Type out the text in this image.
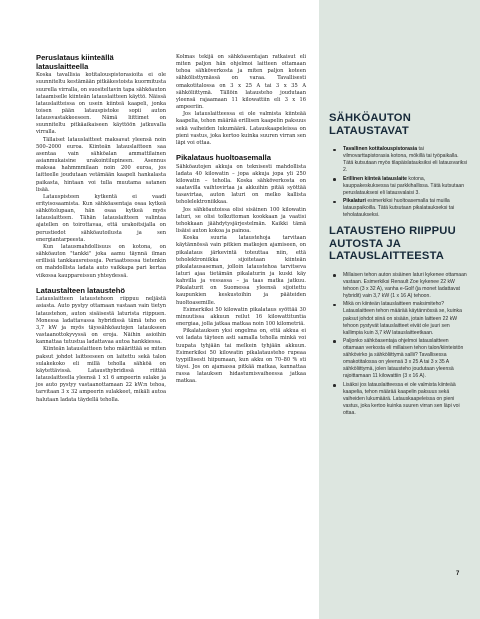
Peruslataus kiinteällä latauslaitteella

Koska tavallisia kotitalouspistorasioita ei ole suunniteltu kestämään pitkäkestoista kuormitusta suurella virralla, on suositeltavin tapa sähköauton lataamiselle kiinteän latauslaitteen käyttö. Näissä latauslaitteissa on usein kiinteä kaapeli, jonka toisen pään latauspistoke sopii auton latausvastakkeeseen. Nämä liittimet on suunniteltu pitkäaikaiseen käyttöön jatkuvalla virralla.

Tällaiset latauslaitteet maksavat yleensä noin 500–2000 euroa. Kiinteän latauslaitteen saa asentaa vain sähköalan ammattilainen asianmukaisine urakointilupineen. Asennus maksaa hahmmmilaan noin 200 euroa, jos laitteelle joudutaan vetämään kaapeli hankalasta paikasta, hintaan voi tulla muutama satanen lisää.

Latauspisteen kytkentä ei vaadi erityisosaamista. Kun sähköasentaja osaa kytkeä sähkötolupaan, hän osaa kytkeä myös latauslaitteen. Tähän latauslaitteen valintaa ajatellen on toirottavaa, että urakoitsijalla on perustiedot sähköautoilusta ja sen energiantarpeesta.

Kun latausmahdollisuus on kotona, on sähköauton "tankki" joka aamu täynnä ilman erillisiä tankkausreissuja. Periaatteessa tietenkin on mahdollista ladata auto vaikkapa pari kertaa viikossa kauppareissun yhteydessä.

Lataustalteen lataustehö

Latauslaitteen lataustehoon riippuu neljästä asiasta. Auto pystyy ottamaan vastaan vain tietyn lataustehon, auton sisäisestä laturista riippuen. Monessa ladattavassa hybridissä tämä teho on 3,7 kW ja myös täyssähköautojen lataukseen vastaanottokyvyssä on eroja. Näihin asioihin kannattaa tutustua ladattavaa autoa hankkiessa.

Kiinteän latauslaitteen teho määrittää se miten paksut johdot laitteeseen on laitettu sekä talon sulakekoko eli millä teholla sähköä on käytettävissä. Latausthybridissä riittää latauslaitteella yleensä 1 x1 6 ampeerin sulake ja jos auto pystyy vastaanottamaan 22 kW:n tehoa, tarvitaan 3 x 32 ampeerin sulakkeet, mikäli autoa halutaan ladata täydellä teholla.

Kolmas tekijä on sähköasentajan ratkaisut eli miten paljon hän ohjelmoi laitteen ottamaan tehoa sähköverkosta ja miten paljon koteen sähkölisttymässä on varaa. Tavallisesti omakotitalossa on 3 x 25 A tai 3 x 35 A sähköliittymä. Tällöin latausteho joudutaan yleensä rajaamaan 11 kilowattiin eli 3 x 16 ampeeriin.

Jos latauslaitteessa ei ole valmista kiinteää kaapelia, tehon määrää erillisen kaapelin paksuus sekä vaiheiden lukumäärä. Latauskaapeleissa on pieni vastus, joka kertoo kuinka suuren virran sen läpi voi ottaa.

Pikalataus huoltoasemalla

Sähköautojen akkuja on teknisesti mahdollista ladata 40 kilowatin – jopa akkuja jopa yli 250 kilowatin – teholla. Koska sähköverkosta on saatavilla vaihtovirtaa ja akkuihin pitää syöttää tasavirtaa, auton laturi on melko kallista teholelektroniikkaa.

Jos sähköautoissa olisi sisäinen 100 kilowatin laturi, se olisi tolkuttoman kookkaan ja vaatisi tehokkaan jäähdytysjärjestelmän. Kaikki tämä lisäisi auton kokoa ja painoa.

Koska suuria lataustehoja tarvitaan käytännössä vain pitkien matkojen ajamiseen, on pikalataus järkevintä toteuttaa niin, että teholektroniikka sijoitetaan kiinteän pikalatausaseman, jolloin lataustehoa tarvitseva laturi ajaa tietämän pikalaturin ja kuski käy kahvilla ja vessassa – ja taas matka jatkuu. Pikalaturit on Suomessa yleensä sijoitettu kaupunkien keskustoihin ja pääteiden huoltoasemille.

Esimerkiksi 50 kilowatin pikalataus syöttää 30 minuutissa akkuun reilut 16 kilowattituntia energiaa, jolla jatkaa matkaa noin 100 kilometriä.

Pikalatauksen yksi ongelma on, että akkua ei voi ladata täyteen asti samalla teholla minkä voi tuupata tyhjään tai melkein tyhjään akkuun. Esimerkiksi 50 kilowatin pikalatausteho rupeaa tyypillisesti hiipumaan, kun akku on 70–80 % sti täysi. Jos on ajamassa pitkää matkaa, kannattaa rassa latauksen hidastumisvaiheessa jatkaa matkaa.

SÄHKÖAUTON LATAUSTAVAT
Tavallinen kotitalouspistorasia tai vilmovarttapistorasia kotona, mökillä tai työpaikalla. Tätä kutsutaan myös tilapäislatauksiksi eli latausvariksi 2.
Erillinen kiinteä latauslaite kotona, kauppakeskuksessa tai parkkihallissa. Tätä kutsutaan peruslatauksesi eli latausvalaisi 3.
Pikalaturi esimerkiksi huoltoasemalla tai muilla latauspaikoilla. Tätä kutsutaan pikalataukseksi tai teholataukseksi.
LATAUSTEHO RIIPPUU AUTOSTA JA LATAUSLAITTEESTA
Millaisen tehon auton sisäinen laturi kykenee ottamaan vastaan. Esimerkiksi Renault Zoe kykenee 22 kW tehoon (3 x 32 A), vanha e-Golf (ja monet ladattavat hybridit) vain 3,7 kW (1 x 16 A) tehoon.
Mikä on kiinteän latauslaitteen maksimiteho? Latauslaitteen tehon määrää käytännössä se, kuinka paksut johdot siinä on sisään, jotain laitteen 22 kW tehoon pystyvät latauslaitteet eivät ole juuri sen kallimpia kuin 3,7 kW latauslaitteetkaan.
Paljonko sähköasentaja ohjelmoi latauslaitteen ottamaan verkosta eli millaisen tehon talon/kiinteistön sähkövirko ja sähköliittymä sallii? Tavallisessa omakotitalossa on yleensä 3 x 25 A tai 3 x 35 A sähköliittymä, jolen latausteho joudutaan yleensä rajoittamaan 11 kilowattiin (3 x 16 A).
Lisäksi jos latauslaitteessa ei ole valmista kiinteää kaapelia, tehon määrää kaapelin paksuus sekä vaiheiden lukumäärä. Latauskaapeleissa on pieni vastus, joka kertoo kuinka suuren virran sen läpi voi ottaa.
7
